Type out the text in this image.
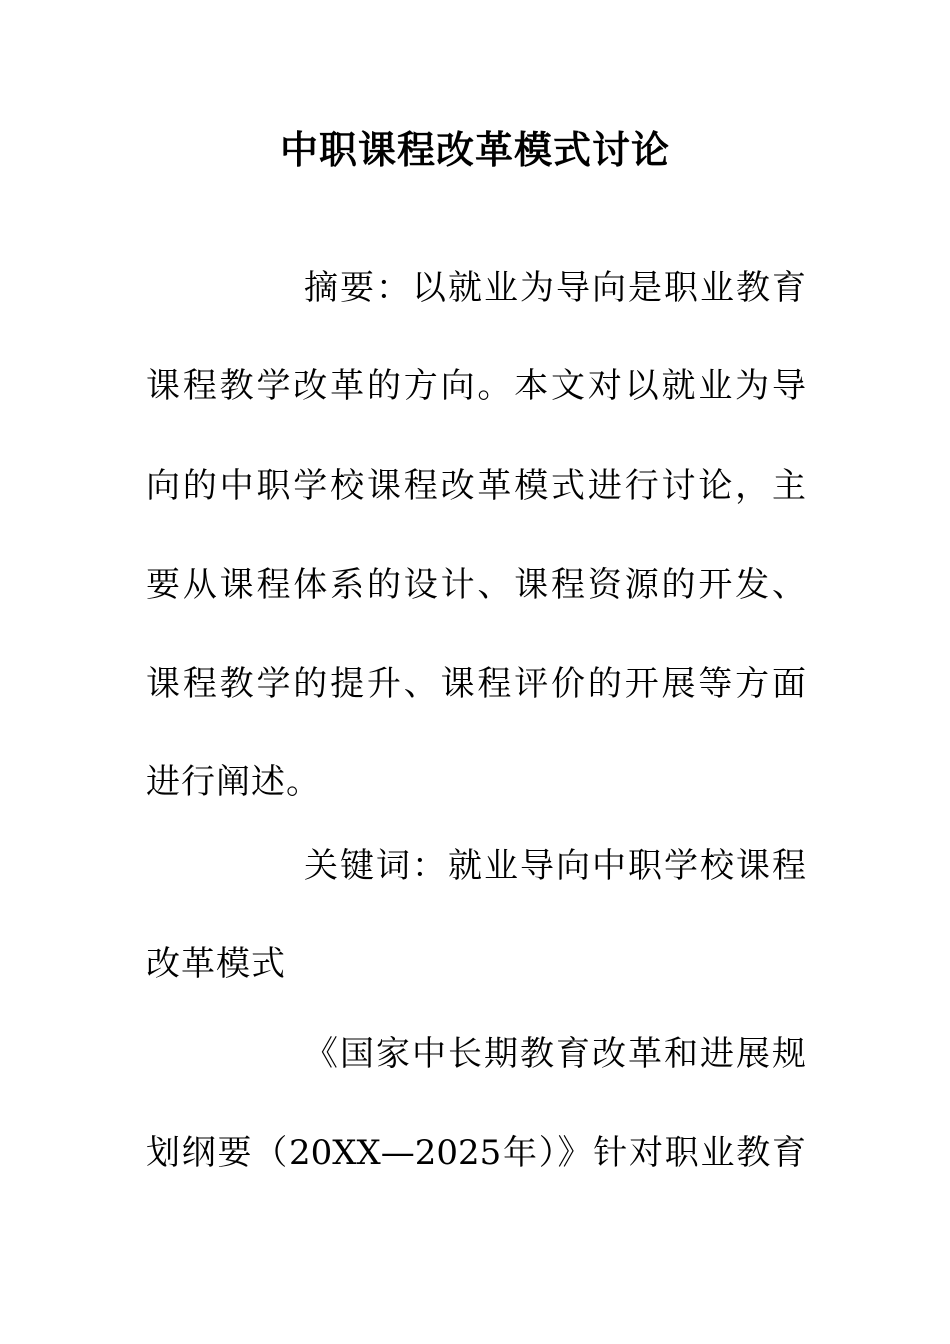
中职课程改革模式讨论
摘要：以就业为导向是职业教育
课程教学改革的方向。本文对以就业为导
向的中职学校课程改革模式进行讨论，主
要从课程体系的设计、课程资源的开发、
课程教学的提升、课程评价的开展等方面
进行阐述。
关键词：就业导向中职学校课程
改革模式
《国家中长期教育改革和进展规
划纲要（20XX—2025年）》针对职业教育
